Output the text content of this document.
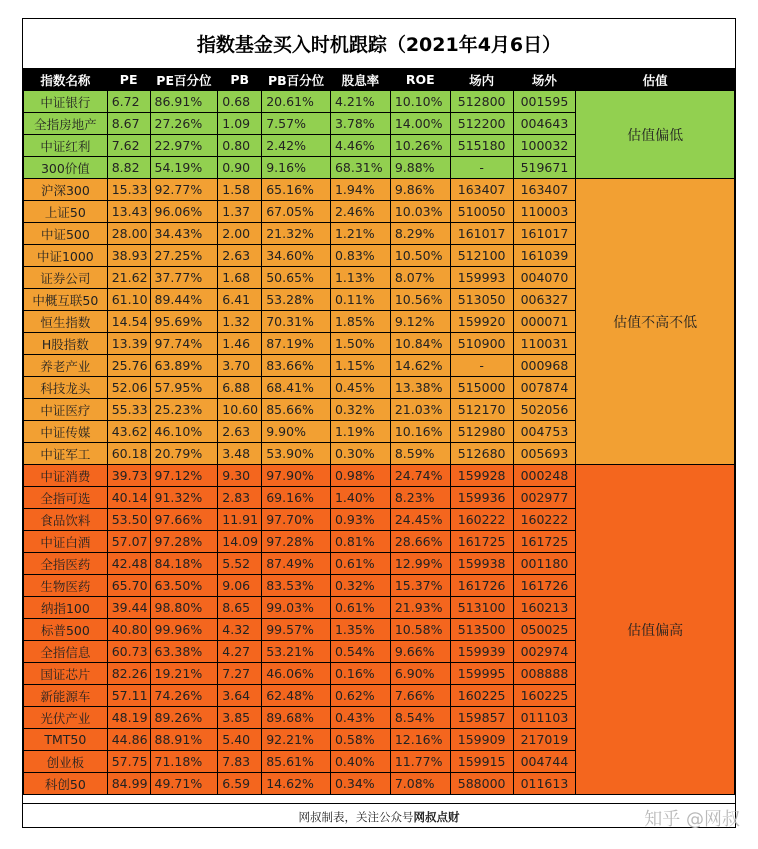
指数基金买入时机跟踪（2021年4月6日）
指数名称	PE	PE百分位	PB	PB百分位	股息率	ROE	场内	场外	估值
中证银行	6.72	86.91%	0.68	20.61%	4.21%	10.10%	512800	001595	估值偏低
全指房地产	8.67	27.26%	1.09	7.57%	3.78%	14.00%	512200	004643	
中证红利	7.62	22.97%	0.80	2.42%	4.46%	10.26%	515180	100032	
300价值	8.82	54.19%	0.90	9.16%	68.31%	9.88%	-	519671	
沪深300	15.33	92.77%	1.58	65.16%	1.94%	9.86%	163407	163407	估值不高不低
上证50	13.43	96.06%	1.37	67.05%	2.46%	10.03%	510050	110003	
中证500	28.00	34.43%	2.00	21.32%	1.21%	8.29%	161017	161017	
中证1000	38.93	27.25%	2.63	34.60%	0.83%	10.50%	512100	161039	
证券公司	21.62	37.77%	1.68	50.65%	1.13%	8.07%	159993	004070	
中概互联50	61.10	89.44%	6.41	53.28%	0.11%	10.56%	513050	006327	
恒生指数	14.54	95.69%	1.32	70.31%	1.85%	9.12%	159920	000071	
H股指数	13.39	97.74%	1.46	87.19%	1.50%	10.84%	510900	110031	
养老产业	25.76	63.89%	3.70	83.66%	1.15%	14.62%	-	000968	
科技龙头	52.06	57.95%	6.88	68.41%	0.45%	13.38%	515000	007874	
中证医疗	55.33	25.23%	10.60	85.66%	0.32%	21.03%	512170	502056	
中证传媒	43.62	46.10%	2.63	9.90%	1.19%	10.16%	512980	004753	
中证军工	60.18	20.79%	3.48	53.90%	0.30%	8.59%	512680	005693	
中证消费	39.73	97.12%	9.30	97.90%	0.98%	24.74%	159928	000248	估值偏高
全指可选	40.14	91.32%	2.83	69.16%	1.40%	8.23%	159936	002977	
食品饮料	53.50	97.66%	11.91	97.70%	0.93%	24.45%	160222	160222	
中证白酒	57.07	97.28%	14.09	97.28%	0.81%	28.66%	161725	161725	
全指医药	42.48	84.18%	5.52	87.49%	0.61%	12.99%	159938	001180	
生物医药	65.70	63.50%	9.06	83.53%	0.32%	15.37%	161726	161726	
纳指100	39.44	98.80%	8.65	99.03%	0.61%	21.93%	513100	160213	
标普500	40.80	99.96%	4.32	99.57%	1.35%	10.58%	513500	050025	
全指信息	60.73	63.38%	4.27	53.21%	0.54%	9.66%	159939	002974	
国证芯片	82.26	19.21%	7.27	46.06%	0.16%	6.90%	159995	008888	
新能源车	57.11	74.26%	3.64	62.48%	0.62%	7.66%	160225	160225	
光伏产业	48.19	89.26%	3.85	89.68%	0.43%	8.54%	159857	011103	
TMT50	44.86	88.91%	5.40	92.21%	0.58%	12.16%	159909	217019	
创业板	57.75	71.18%	7.83	85.61%	0.40%	11.77%	159915	004744	
科创50	84.99	49.71%	6.59	14.62%	0.34%	7.08%	588000	011613	
网叔制表，关注公众号 网叔点财	知乎 @网叔
